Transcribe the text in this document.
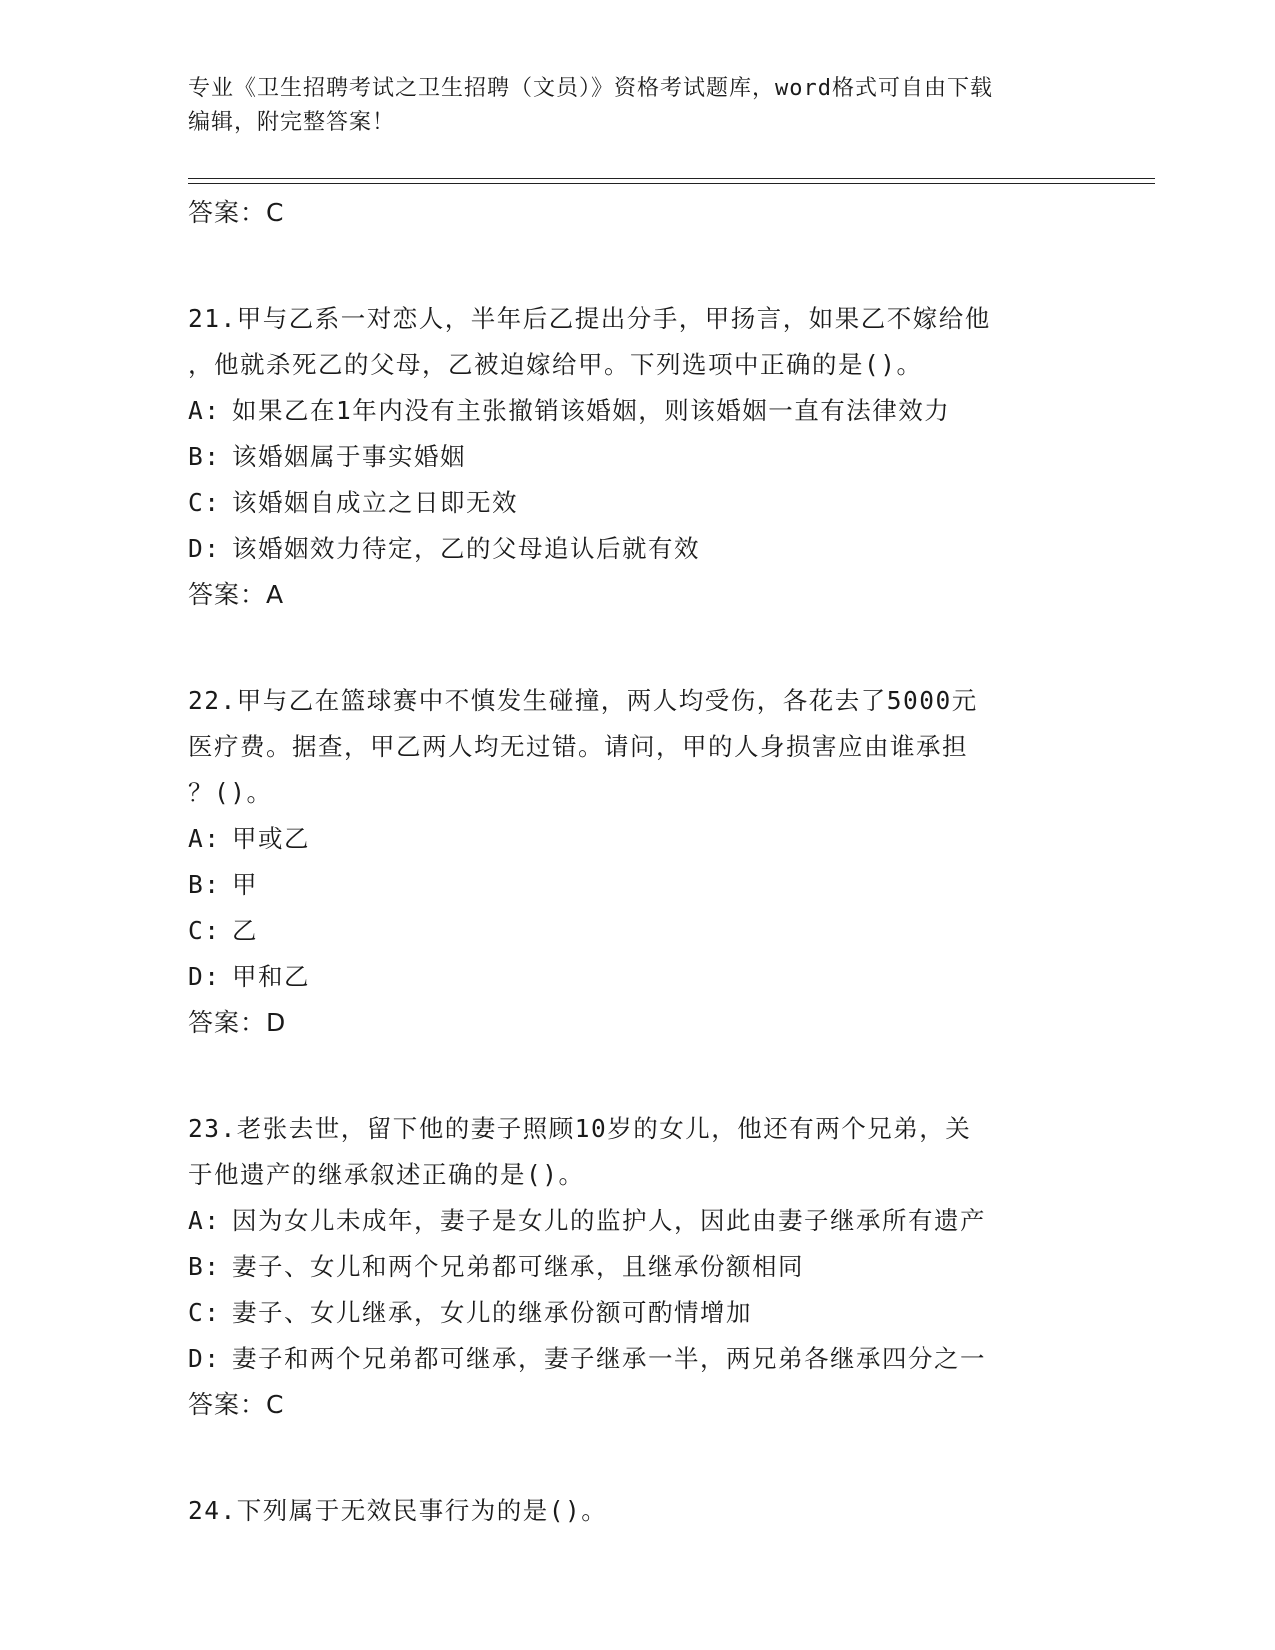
专业《卫生招聘考试之卫生招聘（文员）》资格考试题库，word格式可自由下载
编辑，附完整答案！
答案：C
21.甲与乙系一对恋人，半年后乙提出分手，甲扬言，如果乙不嫁给他
，他就杀死乙的父母，乙被迫嫁给甲。下列选项中正确的是()。
A: 如果乙在1年内没有主张撤销该婚姻，则该婚姻一直有法律效力
B: 该婚姻属于事实婚姻
C: 该婚姻自成立之日即无效
D: 该婚姻效力待定，乙的父母追认后就有效
答案：A
22.甲与乙在篮球赛中不慎发生碰撞，两人均受伤，各花去了5000元
医疗费。据查，甲乙两人均无过错。请问，甲的人身损害应由谁承担
？()。
A: 甲或乙
B: 甲
C: 乙
D: 甲和乙
答案：D
23.老张去世，留下他的妻子照顾10岁的女儿，他还有两个兄弟，关
于他遗产的继承叙述正确的是()。
A: 因为女儿未成年，妻子是女儿的监护人，因此由妻子继承所有遗产
B: 妻子、女儿和两个兄弟都可继承，且继承份额相同
C: 妻子、女儿继承，女儿的继承份额可酌情增加
D: 妻子和两个兄弟都可继承，妻子继承一半，两兄弟各继承四分之一
答案：C
24.下列属于无效民事行为的是()。
